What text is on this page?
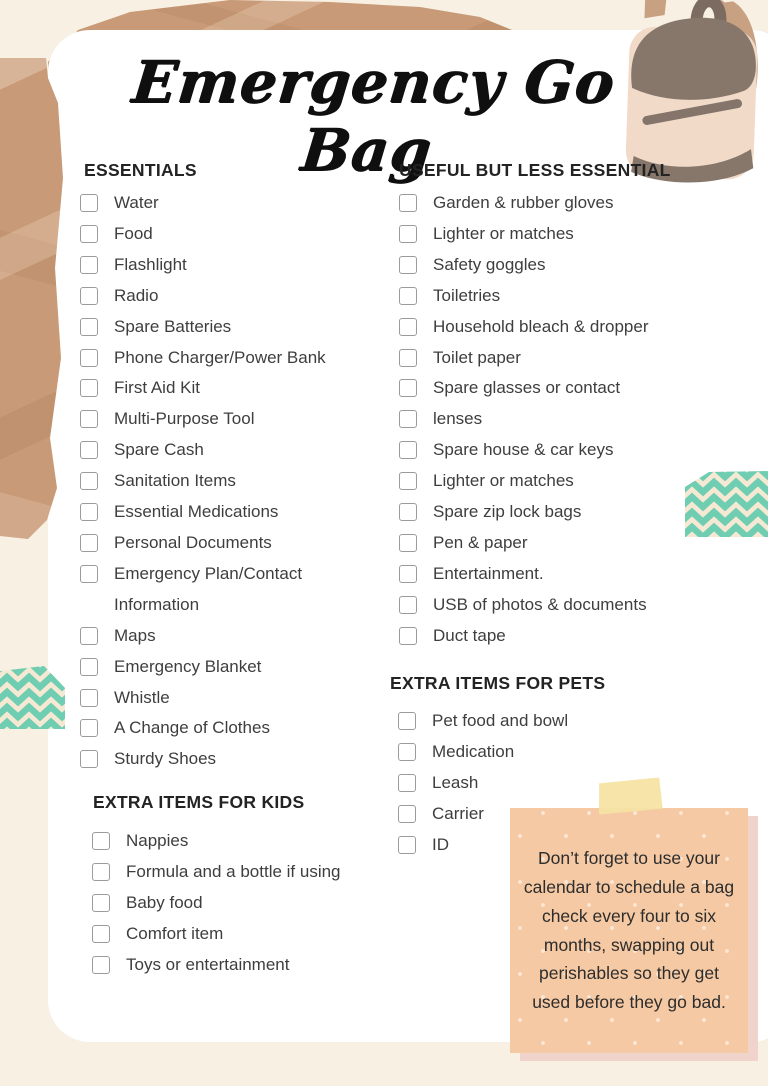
Emergency Go Bag
ESSENTIALS
Water
Food
Flashlight
Radio
Spare Batteries
Phone Charger/Power Bank
First Aid Kit
Multi-Purpose Tool
Spare Cash
Sanitation Items
Essential Medications
Personal Documents
Emergency Plan/Contact Information
Maps
Emergency Blanket
Whistle
A Change of Clothes
Sturdy Shoes
USEFUL BUT LESS ESSENTIAL
Garden & rubber gloves
Lighter or matches
Safety goggles
Toiletries
Household bleach & dropper
Toilet paper
Spare glasses or contact
lenses
Spare house & car keys
Lighter or matches
Spare zip lock bags
Pen & paper
Entertainment.
USB of photos & documents
Duct tape
EXTRA ITEMS FOR KIDS
Nappies
Formula and a bottle if using
Baby food
Comfort item
Toys or entertainment
EXTRA ITEMS FOR PETS
Pet food and bowl
Medication
Leash
Carrier
ID
Don’t forget to use your calendar to schedule a bag check every four to six months, swapping out perishables so they get used before they go bad.
